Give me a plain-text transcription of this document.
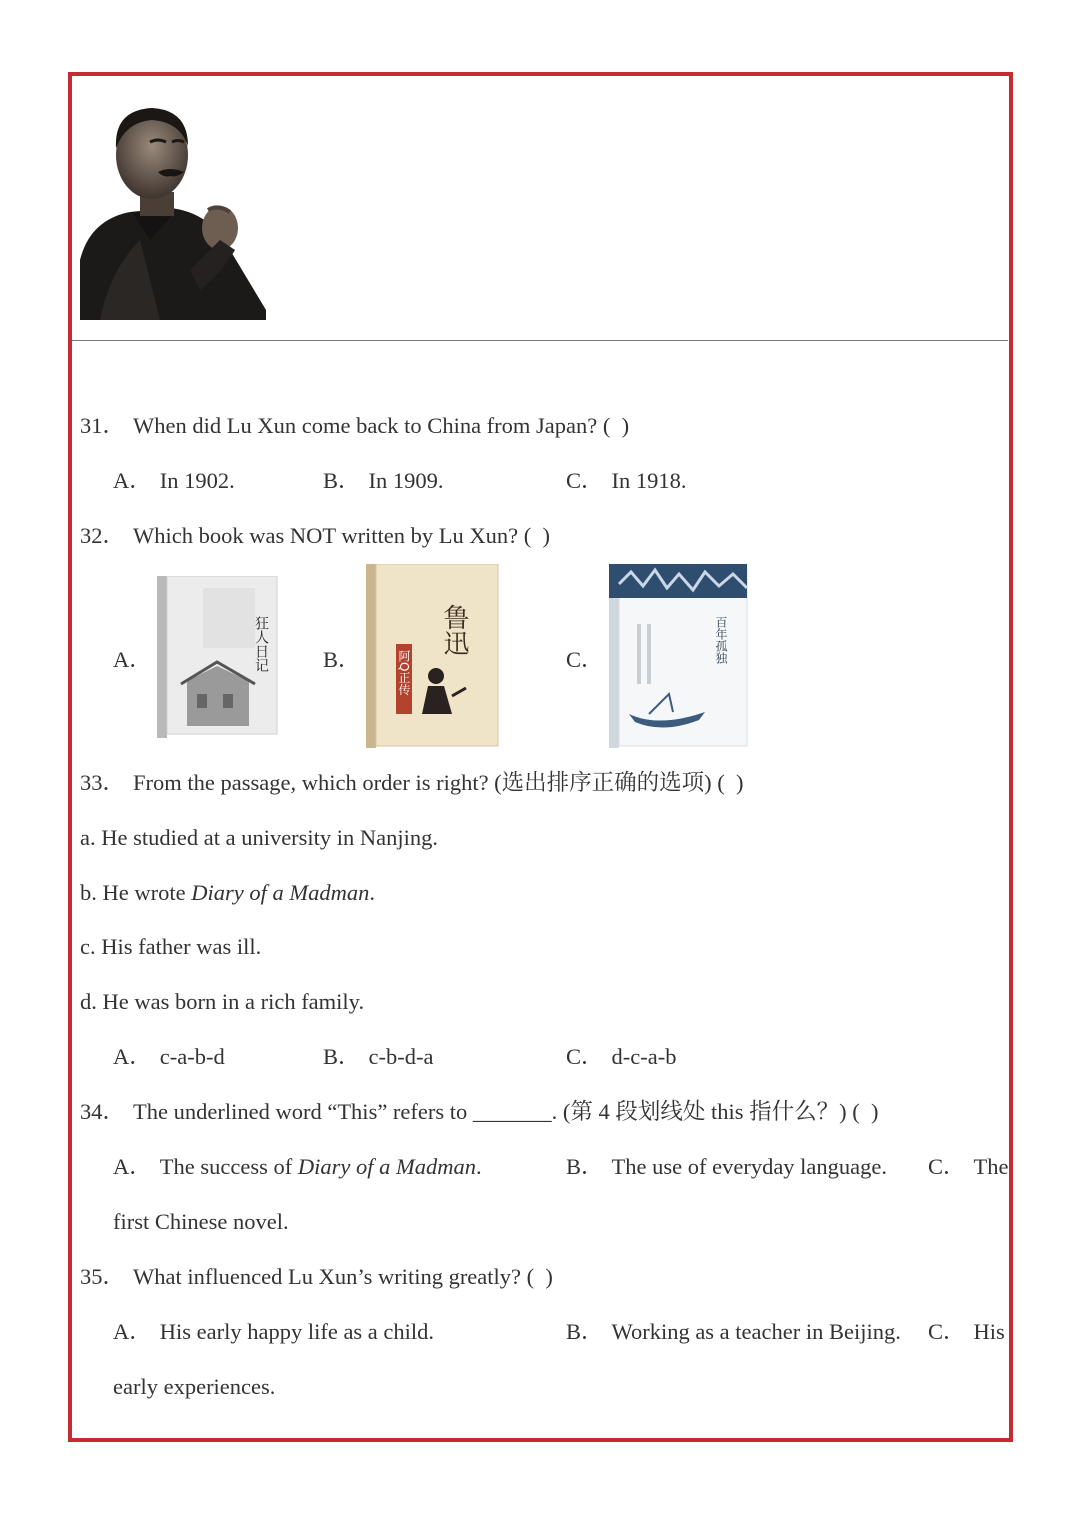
31． When did Lu Xun come back to China from Japan? (  )
A． In 1902.	B． In 1909.	C． In 1918.
32． Which book was NOT written by Lu Xun? (  )
A．	狂人日记 B．
鲁迅
阿Q正传	C．	百年孤独
33． From the passage, which order is right? (选出排序正确的选项) (  )
a. He studied at a university in Nanjing.
b. He wrote Diary of a Madman.
c. His father was ill.
d. He was born in a rich family.
A． c-a-b-d	B． c-b-d-a	C． d-c-a-b
34． The underlined word “This” refers to _______. (第 4 段划线处 this 指什么？) (  )
A． The success of Diary of a Madman.	B． The use of everyday language. C． The
first Chinese novel.
35． What influenced Lu Xun’s writing greatly? (  )
A． His early happy life as a child.	B． Working as a teacher in Beijing. C． His
early experiences.
